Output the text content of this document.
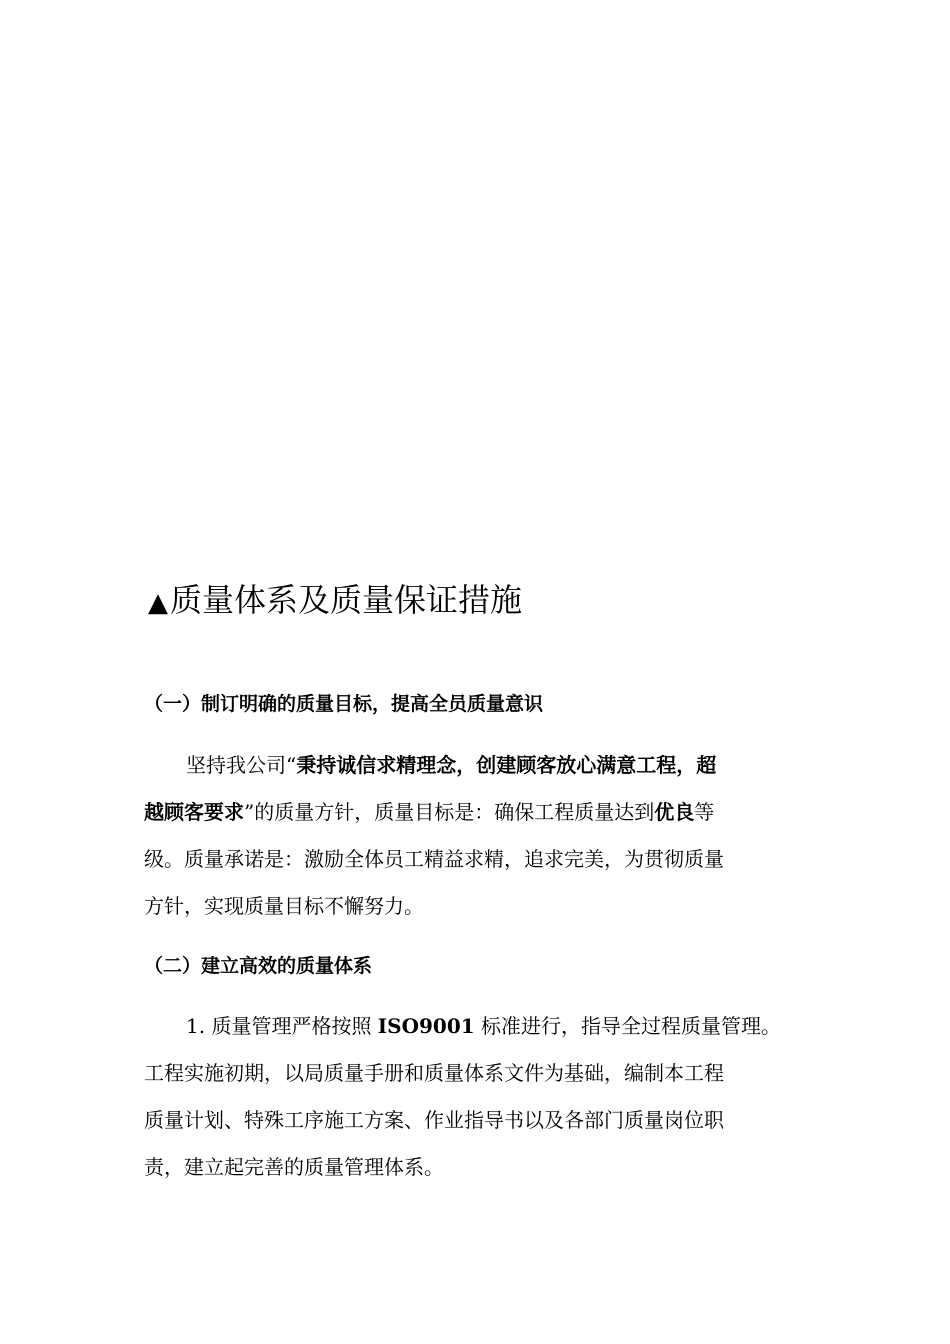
▲质量体系及质量保证措施
（一）制订明确的质量目标，提高全员质量意识
坚持我公司“秉持诚信求精理念，创建顾客放心满意工程，超
越顾客要求”的质量方针，质量目标是：确保工程质量达到优良等
级。质量承诺是：激励全体员工精益求精，追求完美，为贯彻质量
方针，实现质量目标不懈努力。
（二）建立高效的质量体系
1. 质量管理严格按照 ISO9001 标准进行，指导全过程质量管理。
工程实施初期，以局质量手册和质量体系文件为基础，编制本工程
质量计划、特殊工序施工方案、作业指导书以及各部门质量岗位职
责，建立起完善的质量管理体系。
